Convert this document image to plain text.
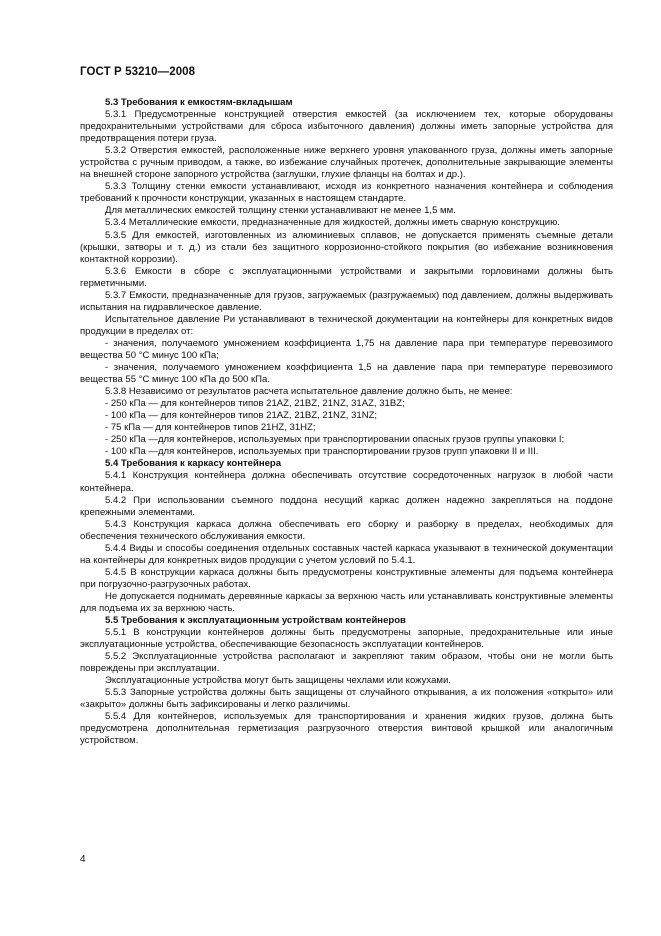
ГОСТ Р 53210—2008

5.3 Требования к емкостям-вкладышам

5.3.1 Предусмотренные конструкцией отверстия емкостей (за исключением тех, которые оборудованы предохранительными устройствами для сброса избыточного давления) должны иметь запорные устройства для предотвращения потери груза.

5.3.2 Отверстия емкостей, расположенные ниже верхнего уровня упакованного груза, должны иметь запорные устройства с ручным приводом, а также, во избежание случайных протечек, дополнительные закрывающие элементы на внешней стороне запорного устройства (заглушки, глухие фланцы на болтах и др.).

5.3.3 Толщину стенки емкости устанавливают, исходя из конкретного назначения контейнера и соблюдения требований к прочности конструкции, указанных в настоящем стандарте.

Для металлических емкостей толщину стенки устанавливают не менее 1,5 мм.

5.3.4 Металлические емкости, предназначенные для жидкостей, должны иметь сварную конструкцию.

5.3.5 Для емкостей, изготовленных из алюминиевых сплавов, не допускается применять съемные детали (крышки, затворы и т. д.) из стали без защитного коррозионно-стойкого покрытия (во избежание возникновения контактной коррозии).

5.3.6 Емкости в сборе с эксплуатационными устройствами и закрытыми горловинами должны быть герметичными.

5.3.7 Емкости, предназначенные для грузов, загружаемых (разгружаемых) под давлением, должны выдерживать испытания на гидравлическое давление.

Испытательное давление Pи устанавливают в технической документации на контейнеры для конкретных видов продукции в пределах от:

- значения, получаемого умножением коэффициента 1,75 на давление пара при температуре перевозимого вещества 50 °С минус 100 кПа;

- значения, получаемого умножением коэффициента 1,5 на давление пара при температуре перевозимого вещества 55 °С минус 100 кПа до 500 кПа.

5.3.8 Независимо от результатов расчета испытательное давление должно быть, не менее:

- 250 кПа — для контейнеров типов 21AZ, 21BZ, 21NZ, 31AZ, 31BZ;

- 100 кПа — для контейнеров типов 21AZ, 21BZ, 21NZ, 31NZ;

- 75 кПа — для контейнеров типов 21HZ, 31HZ;

- 250 кПа —для контейнеров, используемых при транспортировании опасных грузов группы упаковки I;

- 100 кПа —для контейнеров, используемых при транспортировании грузов групп упаковки II и III.

5.4 Требования к каркасу контейнера

5.4.1 Конструкция контейнера должна обеспечивать отсутствие сосредоточенных нагрузок в любой части контейнера.

5.4.2 При использовании съемного поддона несущий каркас должен надежно закрепляться на поддоне крепежными элементами.

5.4.3 Конструкция каркаса должна обеспечивать его сборку и разборку в пределах, необходимых для обеспечения технического обслуживания емкости.

5.4.4 Виды и способы соединения отдельных составных частей каркаса указывают в технической документации на контейнеры для конкретных видов продукции с учетом условий по 5.4.1.

5.4.5 В конструкции каркаса должны быть предусмотрены конструктивные элементы для подъема контейнера при погрузочно-разгрузочных работах.

Не допускается поднимать деревянные каркасы за верхнюю часть или устанавливать конструктивные элементы для подъема их за верхнюю часть.

5.5 Требования к эксплуатационным устройствам контейнеров

5.5.1 В конструкции контейнеров должны быть предусмотрены запорные, предохранительные или иные эксплуатационные устройства, обеспечивающие безопасность эксплуатации контейнеров.

5.5.2 Эксплуатационные устройства располагают и закрепляют таким образом, чтобы они не могли быть повреждены при эксплуатации.

Эксплуатационные устройства могут быть защищены чехлами или кожухами.

5.5.3 Запорные устройства должны быть защищены от случайного открывания, а их положения «открыто» или «закрыто» должны быть зафиксированы и легко различимы.

5.5.4 Для контейнеров, используемых для транспортирования и хранения жидких грузов, должна быть предусмотрена дополнительная герметизация разгрузочного отверстия винтовой крышкой или аналогичным устройством.

4
